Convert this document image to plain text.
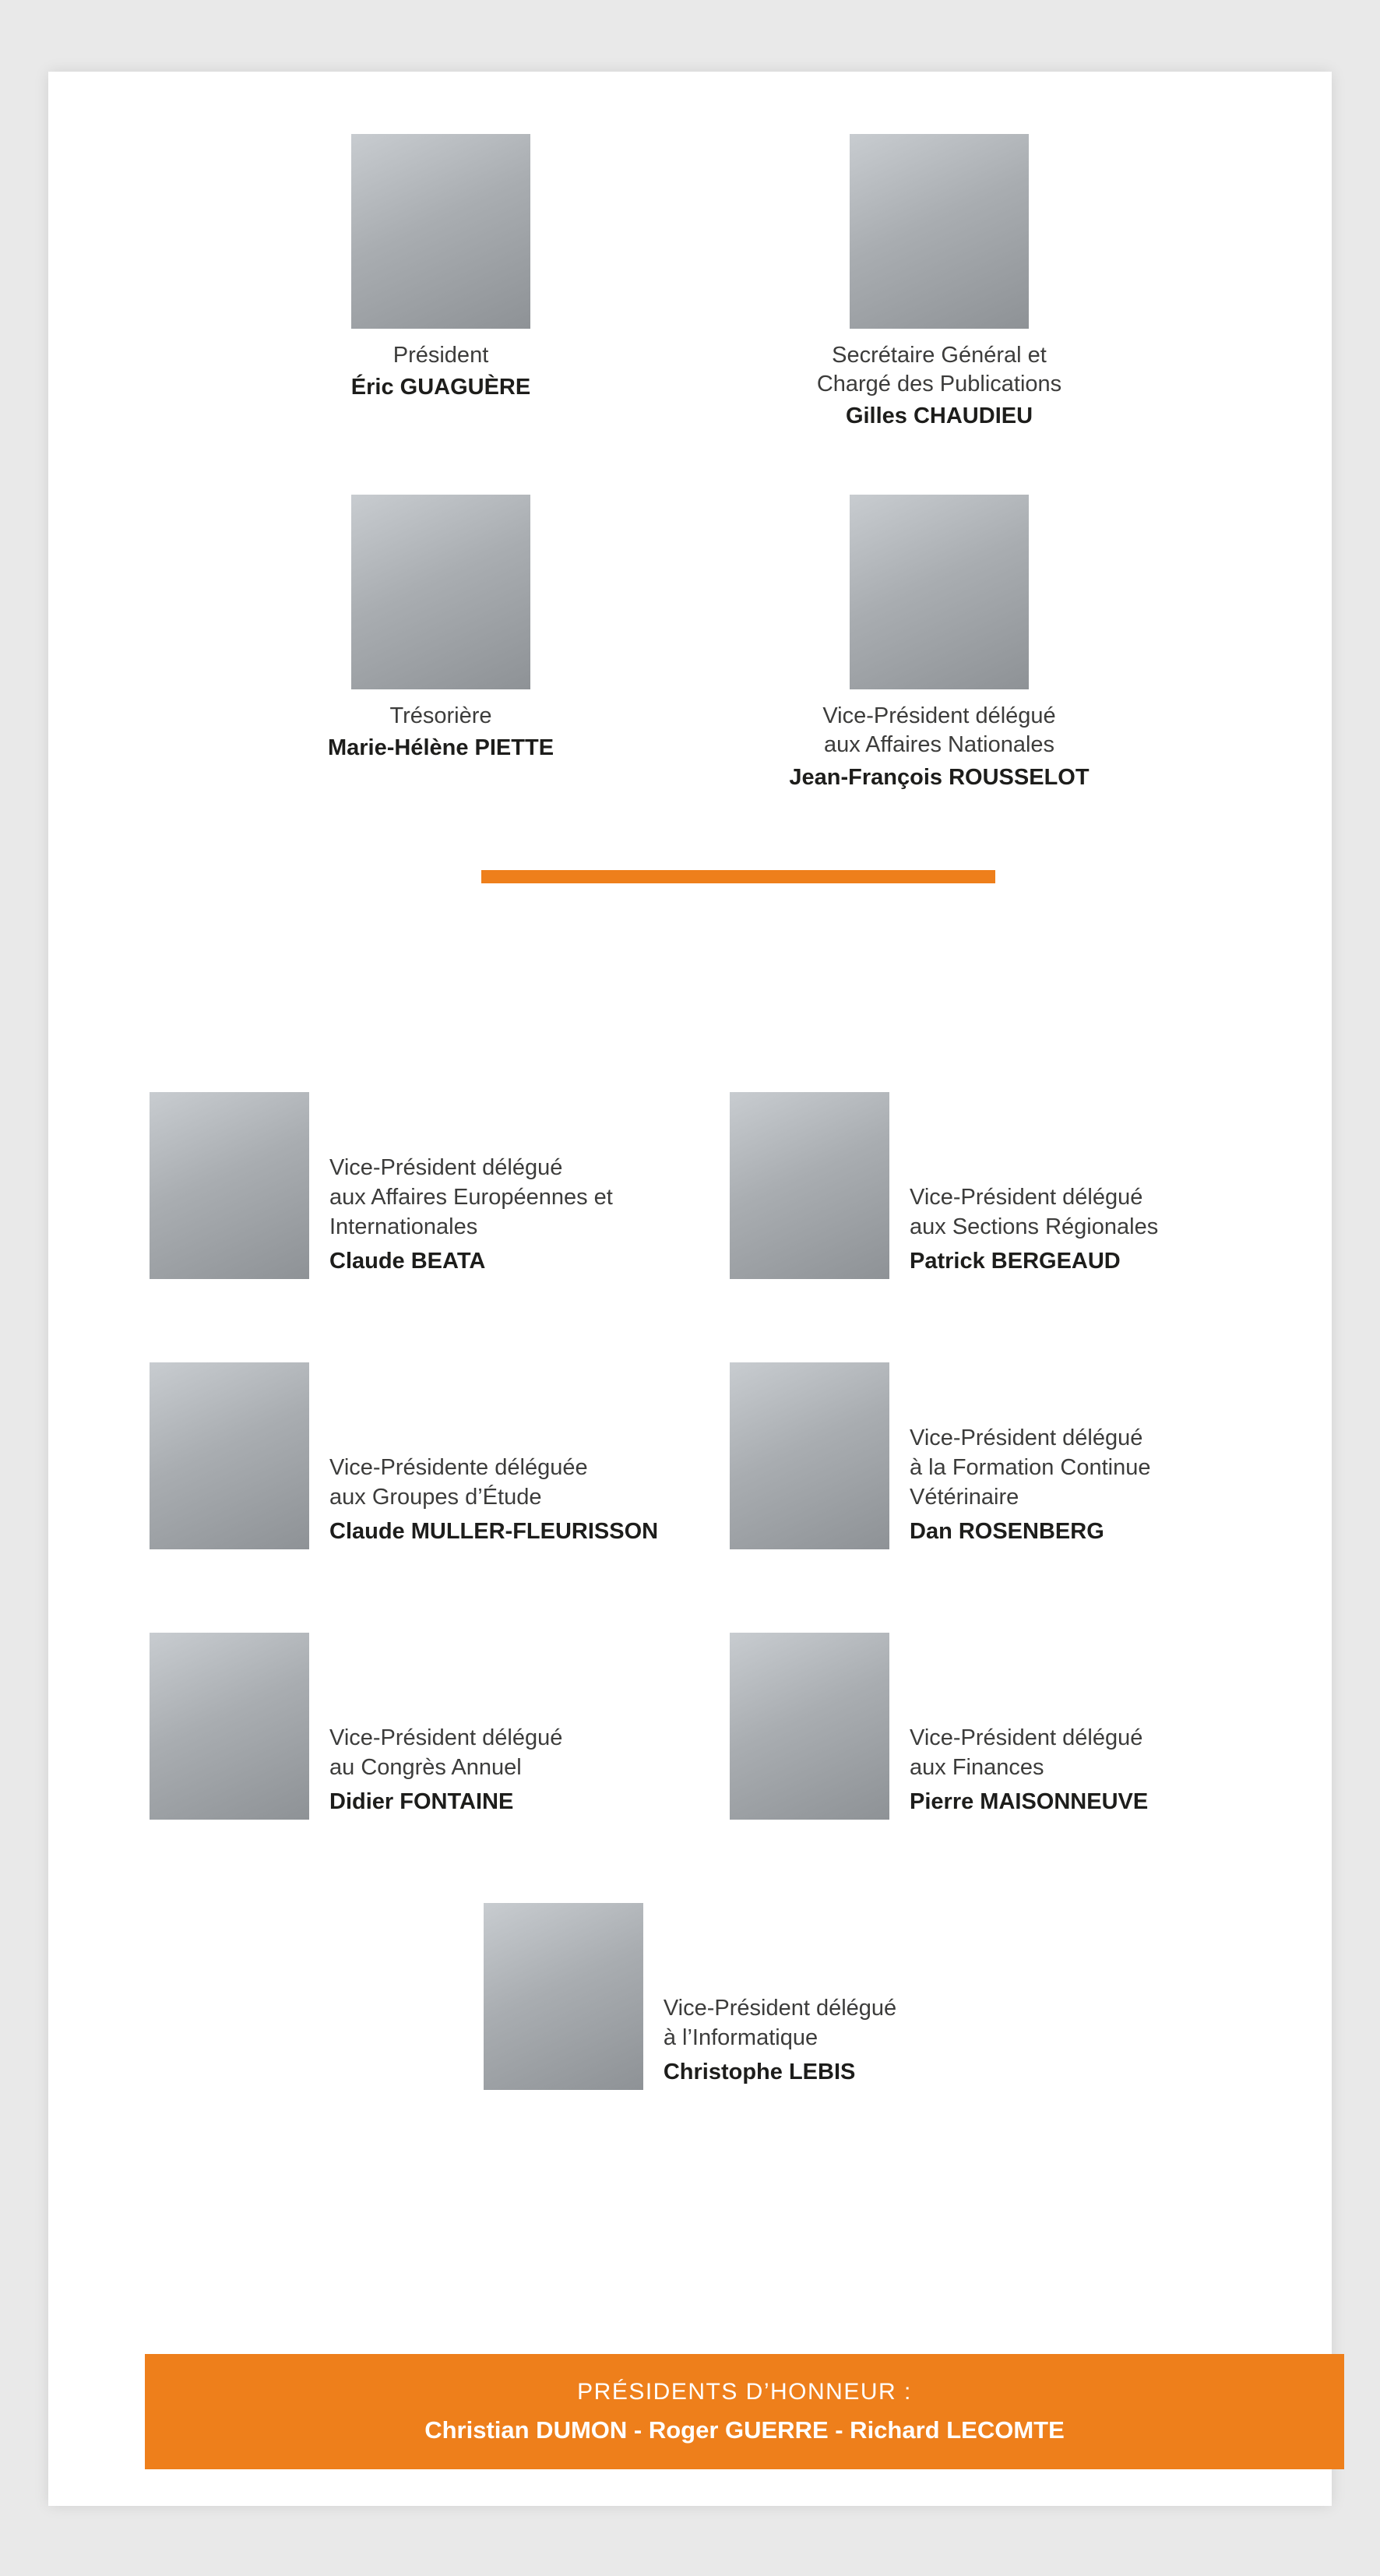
Président
Éric GUAGUÈRE
Secrétaire Général et
Chargé des Publications
Gilles CHAUDIEU
Trésorière
Marie-Hélène PIETTE
Vice-Président délégué
aux Affaires Nationales
Jean-François ROUSSELOT
Vice-Président délégué
aux Affaires Européennes et
Internationales
Claude BEATA
Vice-Président délégué
aux Sections Régionales
Patrick BERGEAUD
Vice-Présidente déléguée
aux Groupes d’Étude
Claude MULLER-FLEURISSON
Vice-Président délégué
à la Formation Continue
Vétérinaire
Dan ROSENBERG
Vice-Président délégué
au Congrès Annuel
Didier FONTAINE
Vice-Président délégué
aux Finances
Pierre MAISONNEUVE
Vice-Président délégué
à l’Informatique
Christophe LEBIS
PRÉSIDENTS D’HONNEUR :
Christian DUMON - Roger GUERRE - Richard LECOMTE
